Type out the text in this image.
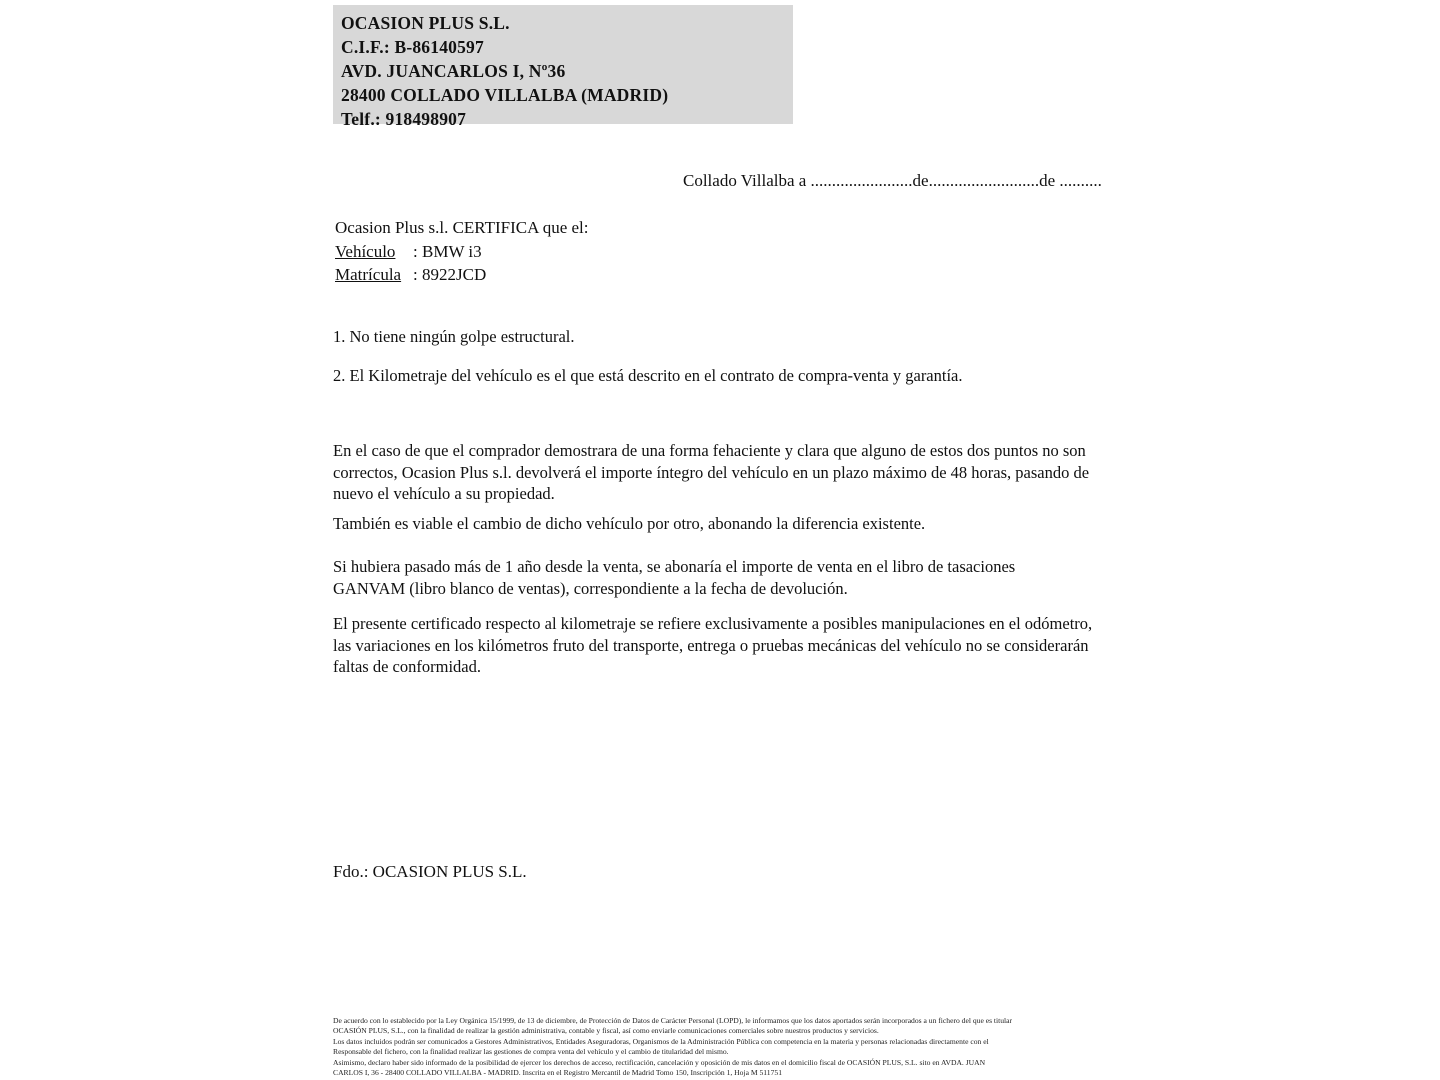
OCASION PLUS S.L.
C.I.F.: B-86140597
AVD. JUANCARLOS I, Nº36
28400 COLLADO VILLALBA (MADRID)
Telf.: 918498907
Collado Villalba a ........................de..........................de ..........
Ocasion Plus s.l. CERTIFICA que el:
Vehículo : BMW i3
Matrícula : 8922JCD
1. No tiene ningún golpe estructural.
2. El Kilometraje del vehículo es el que está descrito en el contrato de compra-venta y garantía.
En el caso de que el comprador demostrara de una forma fehaciente y clara que alguno de estos dos puntos no son correctos, Ocasion Plus s.l. devolverá el importe íntegro del vehículo en un plazo máximo de 48 horas, pasando de nuevo el vehículo a su propiedad.
También es viable el cambio de dicho vehículo por otro, abonando la diferencia existente.
Si hubiera pasado más de 1 año desde la venta, se abonaría el importe de venta en el libro de tasaciones GANVAM (libro blanco de ventas), correspondiente a la fecha de devolución.
El presente certificado respecto al kilometraje se refiere exclusivamente a posibles manipulaciones en el odómetro, las variaciones en los kilómetros fruto del transporte, entrega o pruebas mecánicas del vehículo no se considerarán faltas de conformidad.
Fdo.: OCASION PLUS S.L.
De acuerdo con lo establecido por la Ley Orgánica 15/1999, de 13 de diciembre, de Protección de Datos de Carácter Personal (LOPD), le informamos que los datos aportados serán incorporados a un fichero del que es titular
OCASIÓN PLUS, S.L., con la finalidad de realizar la gestión administrativa, contable y fiscal, así como enviarle comunicaciones comerciales sobre nuestros productos y servicios.
Los datos incluidos podrán ser comunicados a Gestores Administrativos, Entidades Aseguradoras, Organismos de la Administración Pública con competencia en la materia y personas relacionadas directamente con el
Responsable del fichero, con la finalidad realizar las gestiones de compra venta del vehículo y el cambio de titularidad del mismo.
Asimismo, declaro haber sido informado de la posibilidad de ejercer los derechos de acceso, rectificación, cancelación y oposición de mis datos en el domicilio fiscal de OCASIÓN PLUS, S.L. sito en AVDA. JUAN
CARLOS I, 36 - 28400 COLLADO VILLALBA - MADRID. Inscrita en el Registro Mercantil de Madrid Tomo 150, Inscripción 1, Hoja M 511751
